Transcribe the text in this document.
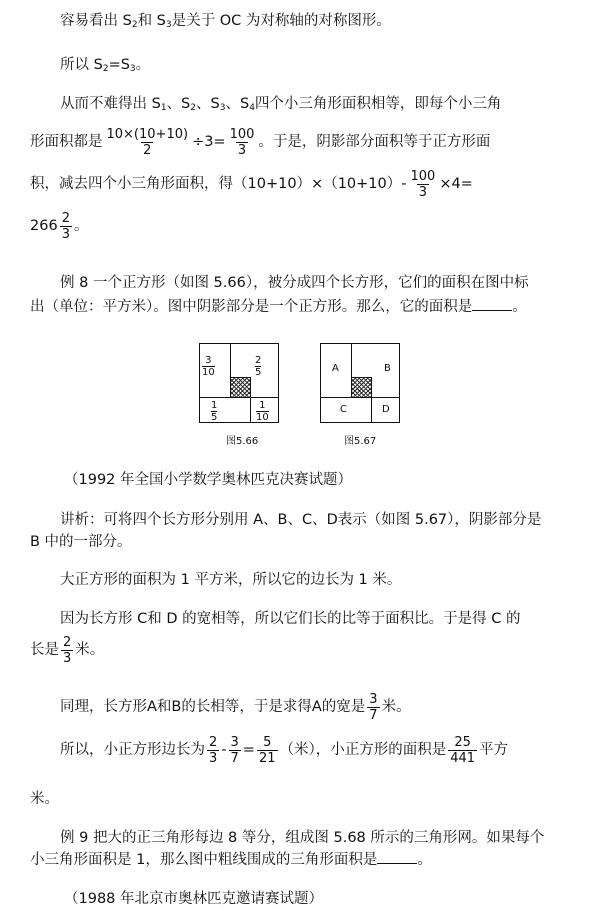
容易看出 $S_2$和 $S_3$是关于 OC 为对称轴的对称图形。
所以 $S_2=S_3$。
从而不难得出 $S_1$、$S_2$、$S_3$、$S_4$四个小三角形面积相等，即每个小三角
形面积都是 $\frac{10\times(10+10)}{2} \div 3= \frac{100}{3}$ 。于是，阴影部分面积等于正方形面
积，减去四个小三角形面积，得$(10+10)\times(10+10)- \frac{100}{3} \times 4=$
$266 \frac{2}{3}$ 。
例 8 一个正方形（如图 5.66），被分成四个长方形，它们的面积在图中标
出（单位：平方米）。图中阴影部分是一个正方形。那么，它的面积是	。
$\frac{3}{10}$	$\frac{2}{5}$
$\frac{1}{5}$	$\frac{1}{10}$
图5.66
A	B
C	D
图5.67
（1992 年全国小学数学奥林匹克决赛试题）
讲析：可将四个长方形分别用 A、B、C、D表示（如图 5.67），阴影部分是
B 中的一部分。
大正方形的面积为 1 平方米，所以它的边长为 1 米。
因为长方形 C和 D 的宽相等，所以它们长的比等于面积比。于是得 C 的
长是 $\frac{2}{3}$ 米。
同理，长方形A和B的长相等，于是求得A的宽是 $\frac{3}{7}$ 米。
所以，小正方形边长为 $\frac{2}{3} - \frac{3}{7} = \frac{5}{21}$ （米），小正方形的面积是 $\frac{25}{441}$ 平方
米。
例 9 把大的正三角形每边 8 等分，组成图 5.68 所示的三角形网。如果每个
小三角形面积是 1，那么图中粗线围成的三角形面积是	。
（1988 年北京市奥林匹克邀请赛试题）
